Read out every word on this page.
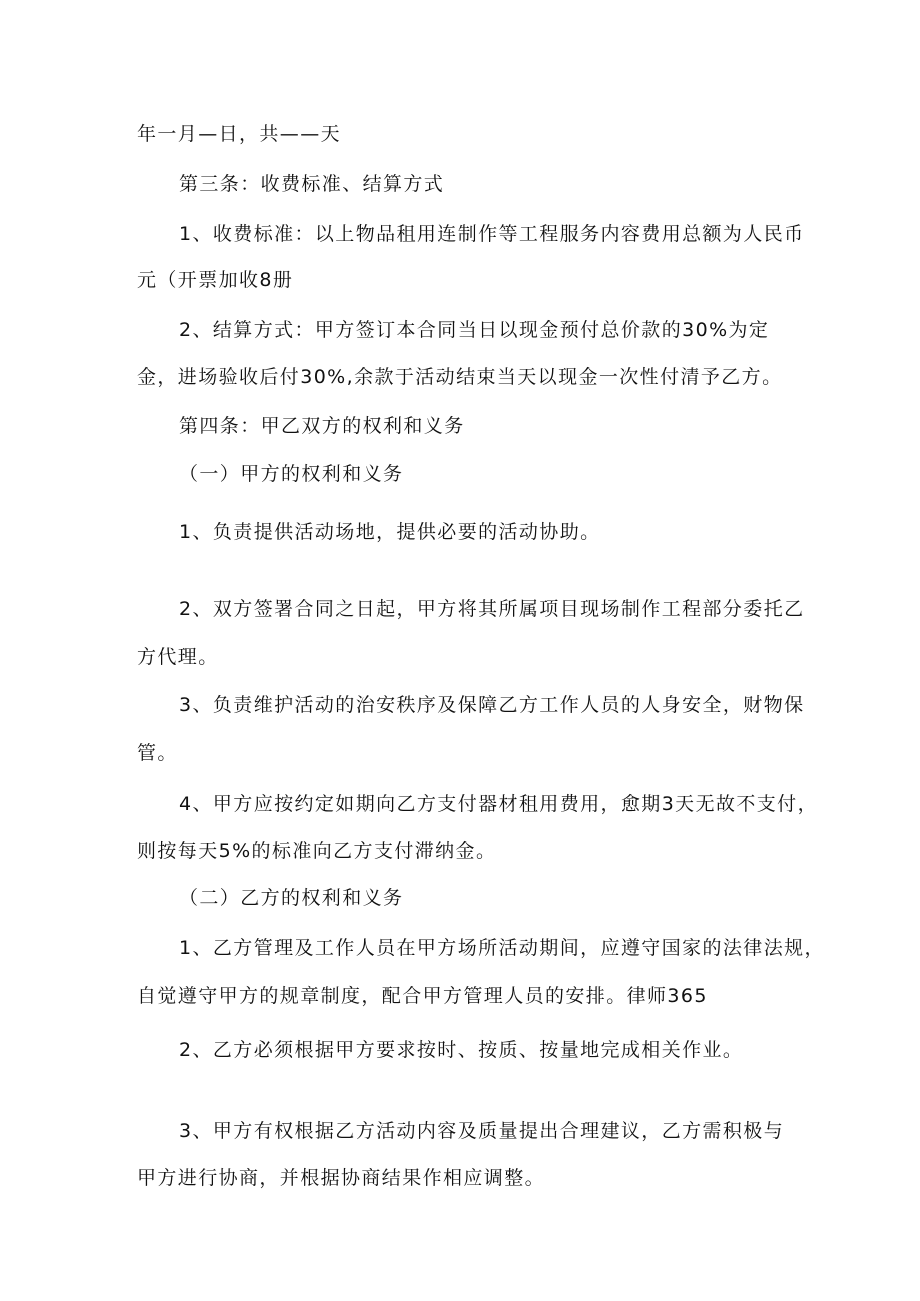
年一月—日，共——天
第三条：收费标准、结算方式
1、收费标准：以上物品租用连制作等工程服务内容费用总额为人民币
元（开票加收8册
2、结算方式：甲方签订本合同当日以现金预付总价款的30%为定
金，进场验收后付30%,余款于活动结束当天以现金一次性付清予乙方。
第四条：甲乙双方的权利和义务
（一）甲方的权利和义务
1、负责提供活动场地，提供必要的活动协助。
2、双方签署合同之日起，甲方将其所属项目现场制作工程部分委托乙
方代理。
3、负责维护活动的治安秩序及保障乙方工作人员的人身安全，财物保
管。
4、甲方应按约定如期向乙方支付器材租用费用，愈期3天无故不支付，
则按每天5%的标准向乙方支付滞纳金。
（二）乙方的权利和义务
1、乙方管理及工作人员在甲方场所活动期间，应遵守国家的法律法规，
自觉遵守甲方的规章制度，配合甲方管理人员的安排。律师365
2、乙方必须根据甲方要求按时、按质、按量地完成相关作业。
3、甲方有权根据乙方活动内容及质量提出合理建议，乙方需积极与
甲方进行协商，并根据协商结果作相应调整。
